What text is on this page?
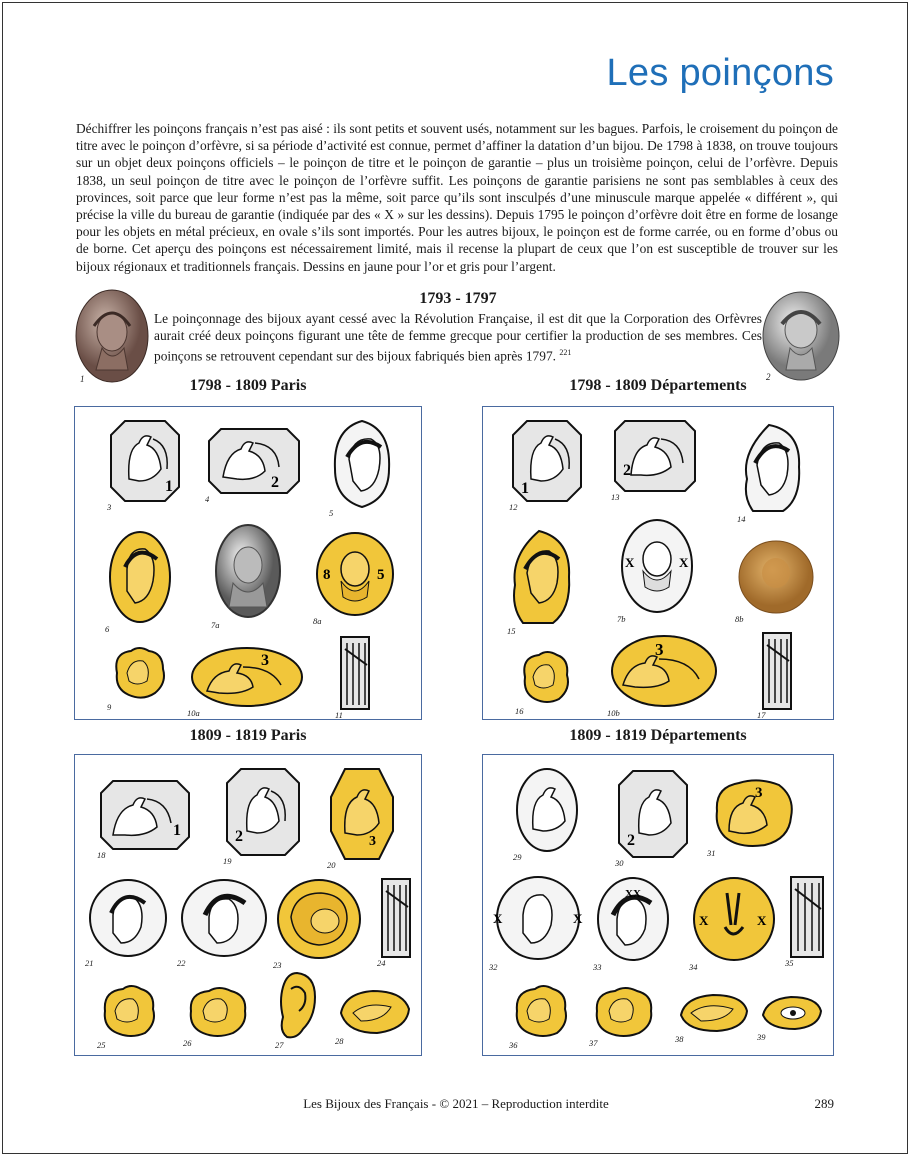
Les poinçons
Déchiffrer les poinçons français n’est pas aisé : ils sont petits et souvent usés, notamment sur les bagues. Parfois, le croisement du poinçon de titre avec le poinçon d’orfèvre, si sa période d’activité est connue, permet d’affiner la datation d’un bijou. De 1798 à 1838, on trouve toujours sur un objet deux poinçons officiels – le poinçon de titre et le poinçon de garantie – plus un troisième poinçon, celui de l’orfèvre. Depuis 1838, un seul poinçon de titre avec le poinçon de l’orfèvre suffit. Les poinçons de garantie parisiens ne sont pas semblables à ceux des provinces, soit parce que leur forme n’est pas la même, soit parce qu’ils sont insculpés d’une minuscule marque appelée « différent », qui précise la ville du bureau de garantie (indiquée par des « X » sur les dessins). Depuis 1795 le poinçon d’orfèvre doit être en forme de losange pour les objets en métal précieux, en ovale s’ils sont importés. Pour les autres bijoux, le poinçon est de forme carrée, ou en forme d’obus ou de borne. Cet aperçu des poinçons est nécessairement limité, mais il recense la plupart de ceux que l’on est susceptible de trouver sur les bijoux régionaux et traditionnels français. Dessins en jaune pour l’or et gris pour l’argent.
1	2
1793 - 1797

Le poinçonnage des bijoux ayant cessé avec la Révolution Française, il est dit que la Corporation des Orfèvres aurait créé deux poinçons figurant une tête de femme grecque pour certifier la production de ses membres. Ces poinçons se retrouvent cependant sur des bijoux fabriqués bien après 1797. $^{221}$

1798 - 1809 Paris	1798 - 1809 Départements
1809 - 1819 Paris	1809 - 1819 Départements
1
3
2
4
5
6	7a
8	5
8a
9
3
10a	11
1
12
2
13
14
15
X	X
7b	8b
16
3
10b	17
1
18
2
19
3
20
21	22	23	24
25	26	27	28
29
2
30
3
31
X	X
32
XX
33
X	X
34	35
36	37	38	39
Les Bijoux des Français - © 2021 – Reproduction interdite	289
